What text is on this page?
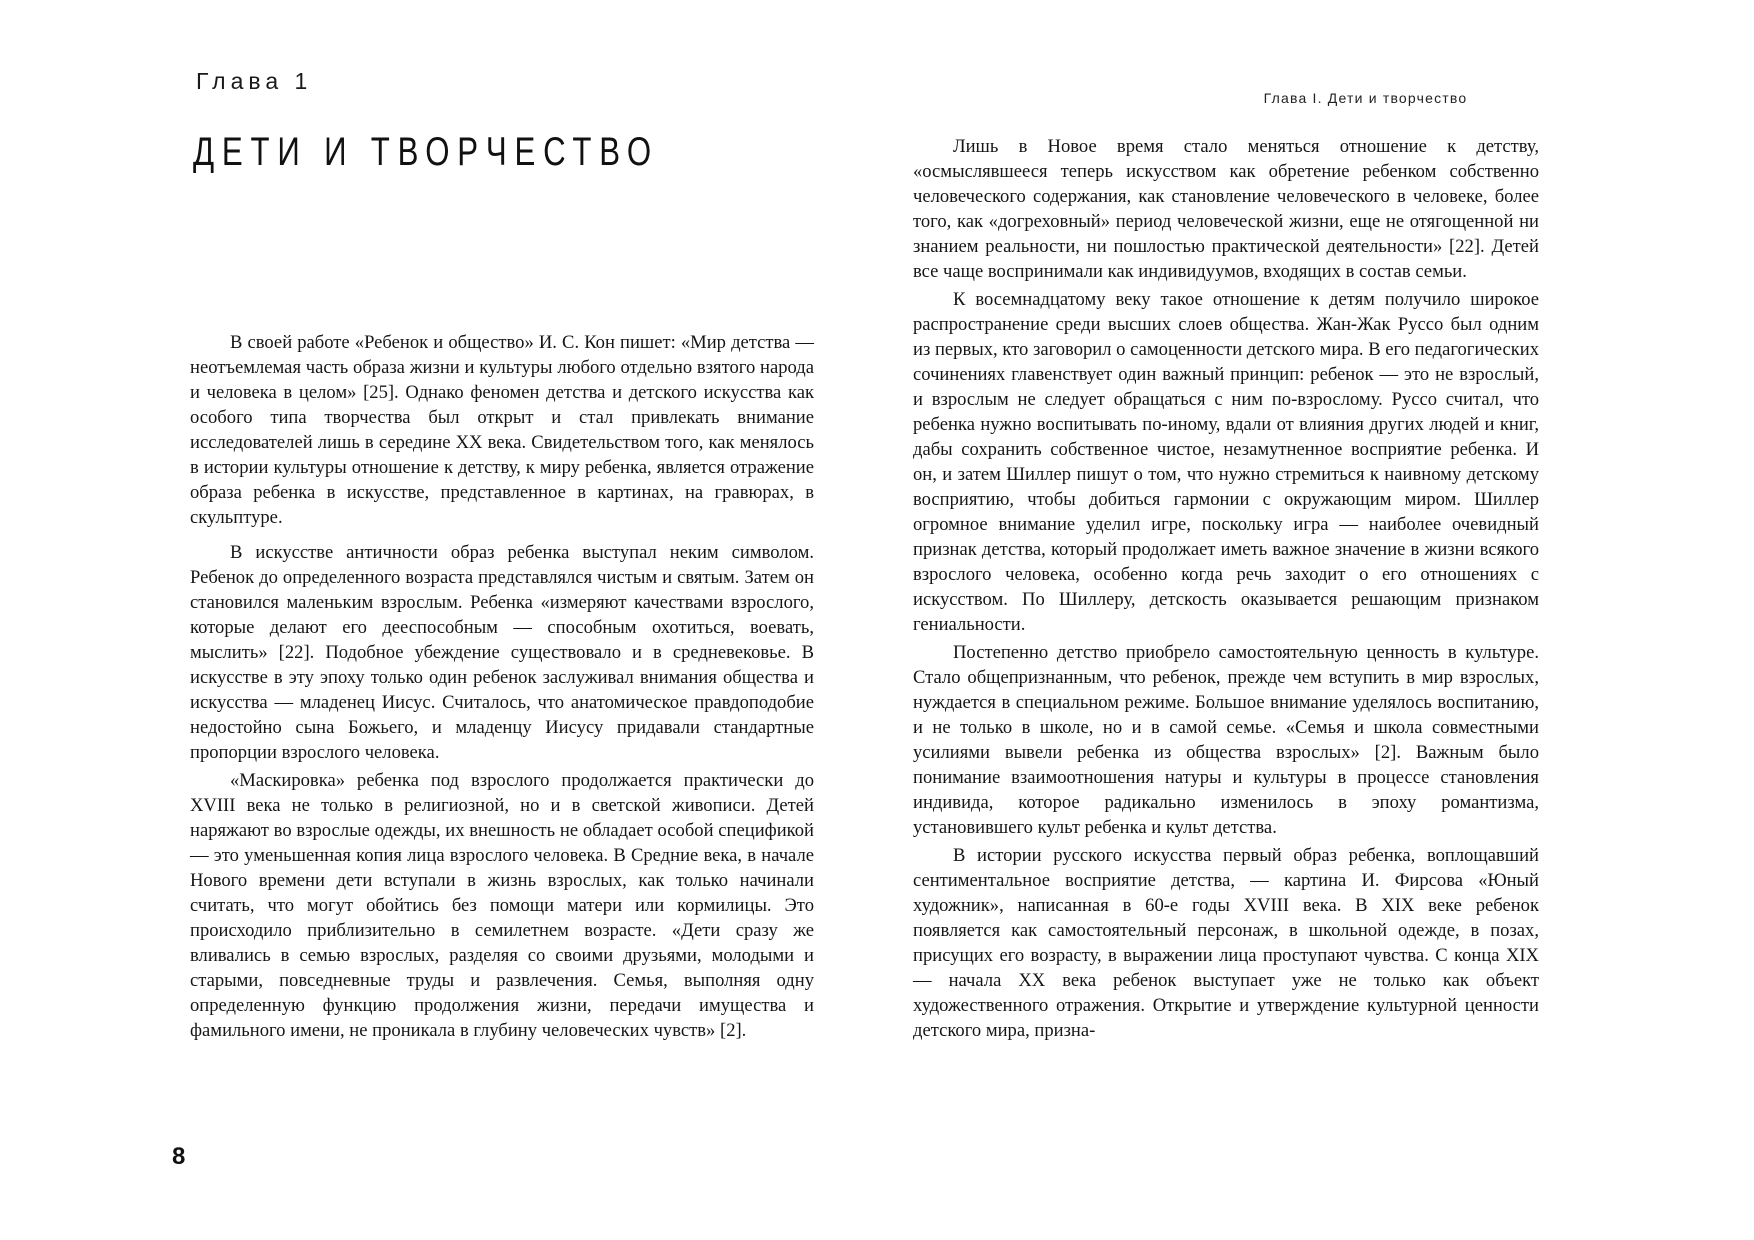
Глава 1
ДЕТИ И ТВОРЧЕСТВО

В своей работе «Ребенок и общество» И. С. Кон пишет: «Мир детства — неотъемлемая часть образа жизни и культуры любого отдельно взятого народа и человека в целом» [25]. Однако феномен детства и детского искусства как особого типа творчества был открыт и стал привлекать внимание исследователей лишь в середине XX века. Свидетельством того, как менялось в истории культуры отношение к детству, к миру ребенка, является отражение образа ребенка в искусстве, представленное в картинах, на гравюрах, в скульптуре.

В искусстве античности образ ребенка выступал неким символом. Ребенок до определенного возраста представлялся чистым и святым. Затем он становился маленьким взрослым. Ребенка «измеряют качествами взрослого, которые делают его дееспособным — способным охотиться, воевать, мыслить» [22]. Подобное убеждение существовало и в средневековье. В искусстве в эту эпоху только один ребенок заслуживал внимания общества и искусства — младенец Иисус. Считалось, что анатомическое правдоподобие недостойно сына Божьего, и младенцу Иисусу придавали стандартные пропорции взрослого человека.

«Маскировка» ребенка под взрослого продолжается практически до XVIII века не только в религиозной, но и в светской живописи. Детей наряжают во взрослые одежды, их внешность не обладает особой спецификой — это уменьшенная копия лица взрослого человека. В Средние века, в начале Нового времени дети вступали в жизнь взрослых, как только начинали считать, что могут обойтись без помощи матери или кормилицы. Это происходило приблизительно в семилетнем возрасте. «Дети сразу же вливались в семью взрослых, разделяя со своими друзьями, молодыми и старыми, повседневные труды и развлечения. Семья, выполняя одну определенную функцию продолжения жизни, передачи имущества и фамильного имени, не проникала в глубину человеческих чувств» [2].

8
Глава I. Дети и творчество

Лишь в Новое время стало меняться отношение к детству, «осмыслявшееся теперь искусством как обретение ребенком собственно человеческого содержания, как становление человеческого в человеке, более того, как «догреховный» период человеческой жизни, еще не отягощенной ни знанием реальности, ни пошлостью практической деятельности» [22]. Детей все чаще воспринимали как индивидуумов, входящих в состав семьи.

К восемнадцатому веку такое отношение к детям получило широкое распространение среди высших слоев общества. Жан-Жак Руссо был одним из первых, кто заговорил о самоценности детского мира. В его педагогических сочинениях главенствует один важный принцип: ребенок — это не взрослый, и взрослым не следует обращаться с ним по-взрослому. Руссо считал, что ребенка нужно воспитывать по-иному, вдали от влияния других людей и книг, дабы сохранить собственное чистое, незамутненное восприятие ребенка. И он, и затем Шиллер пишут о том, что нужно стремиться к наивному детскому восприятию, чтобы добиться гармонии с окружающим миром. Шиллер огромное внимание уделил игре, поскольку игра — наиболее очевидный признак детства, который продолжает иметь важное значение в жизни всякого взрослого человека, особенно когда речь заходит о его отношениях с искусством. По Шиллеру, детскость оказывается решающим признаком гениальности.

Постепенно детство приобрело самостоятельную ценность в культуре. Стало общепризнанным, что ребенок, прежде чем вступить в мир взрослых, нуждается в специальном режиме. Большое внимание уделялось воспитанию, и не только в школе, но и в самой семье. «Семья и школа совместными усилиями вывели ребенка из общества взрослых» [2]. Важным было понимание взаимоотношения натуры и культуры в процессе становления индивида, которое радикально изменилось в эпоху романтизма, установившего культ ребенка и культ детства.

В истории русского искусства первый образ ребенка, воплощавший сентиментальное восприятие детства, — картина И. Фирсова «Юный художник», написанная в 60-е годы XVIII века. В XIX веке ребенок появляется как самостоятельный персонаж, в школьной одежде, в позах, присущих его возрасту, в выражении лица проступают чувства. С конца XIX — начала XX века ребенок выступает уже не только как объект художественного отражения. Открытие и утверждение культурной ценности детского мира, призна-
